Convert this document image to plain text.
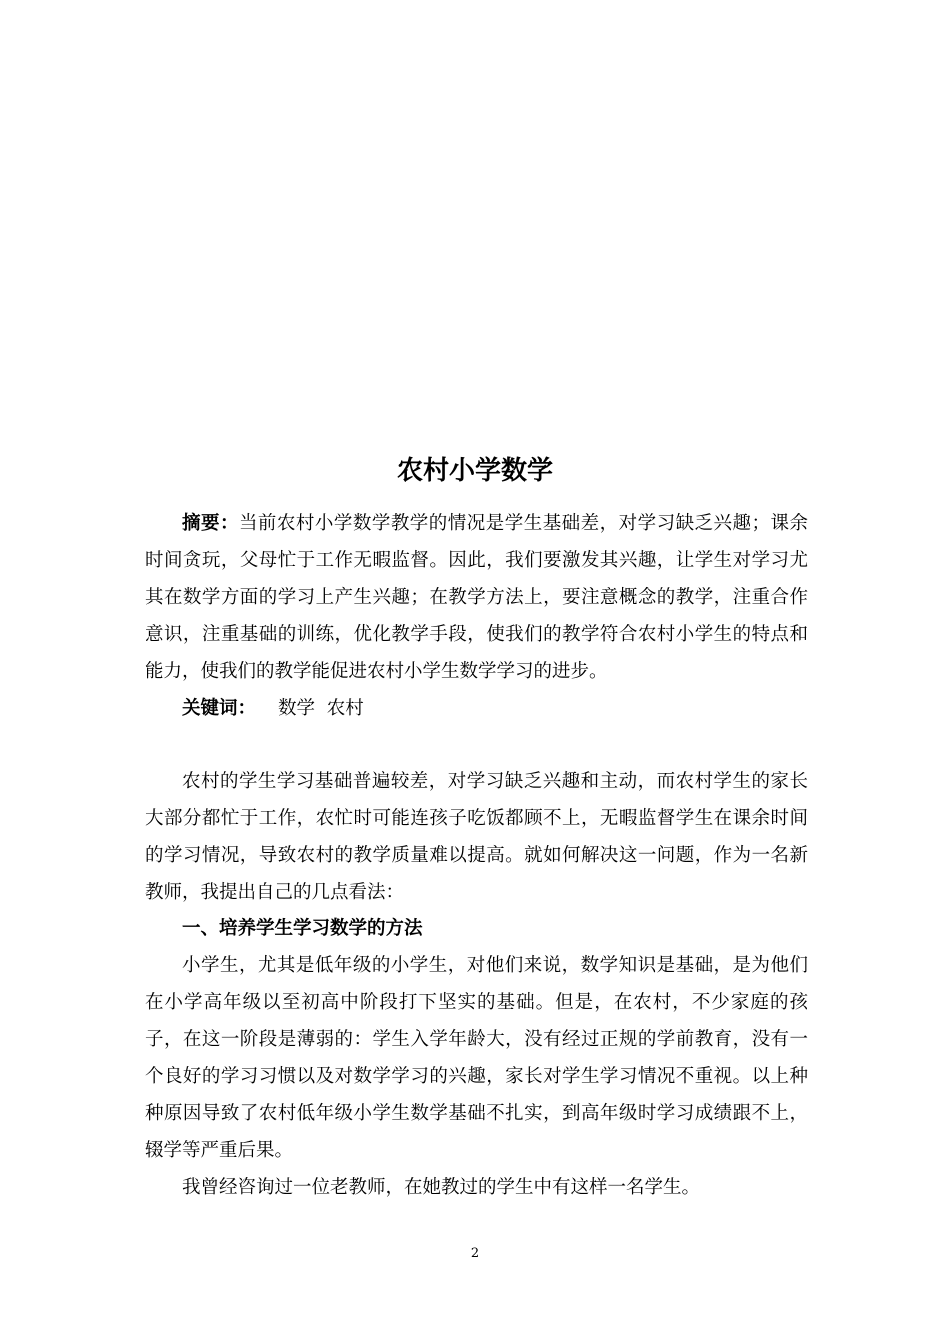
农村小学数学

摘要：当前农村小学数学教学的情况是学生基础差，对学习缺乏兴趣；课余时间贪玩，父母忙于工作无暇监督。因此，我们要激发其兴趣，让学生对学习尤其在数学方面的学习上产生兴趣；在教学方法上，要注意概念的教学，注重合作意识，注重基础的训练，优化教学手段，使我们的教学符合农村小学生的特点和能力，使我们的教学能促进农村小学生数学学习的进步。

关键词： 数学  农村

农村的学生学习基础普遍较差，对学习缺乏兴趣和主动，而农村学生的家长大部分都忙于工作，农忙时可能连孩子吃饭都顾不上，无暇监督学生在课余时间的学习情况，导致农村的教学质量难以提高。就如何解决这一问题，作为一名新教师，我提出自己的几点看法：

一、培养学生学习数学的方法

小学生，尤其是低年级的小学生，对他们来说，数学知识是基础，是为他们在小学高年级以至初高中阶段打下坚实的基础。但是，在农村，不少家庭的孩子，在这一阶段是薄弱的：学生入学年龄大，没有经过正规的学前教育，没有一个良好的学习习惯以及对数学学习的兴趣，家长对学生学习情况不重视。以上种种原因导致了农村低年级小学生数学基础不扎实，到高年级时学习成绩跟不上，辍学等严重后果。

我曾经咨询过一位老教师，在她教过的学生中有这样一名学生。

2
